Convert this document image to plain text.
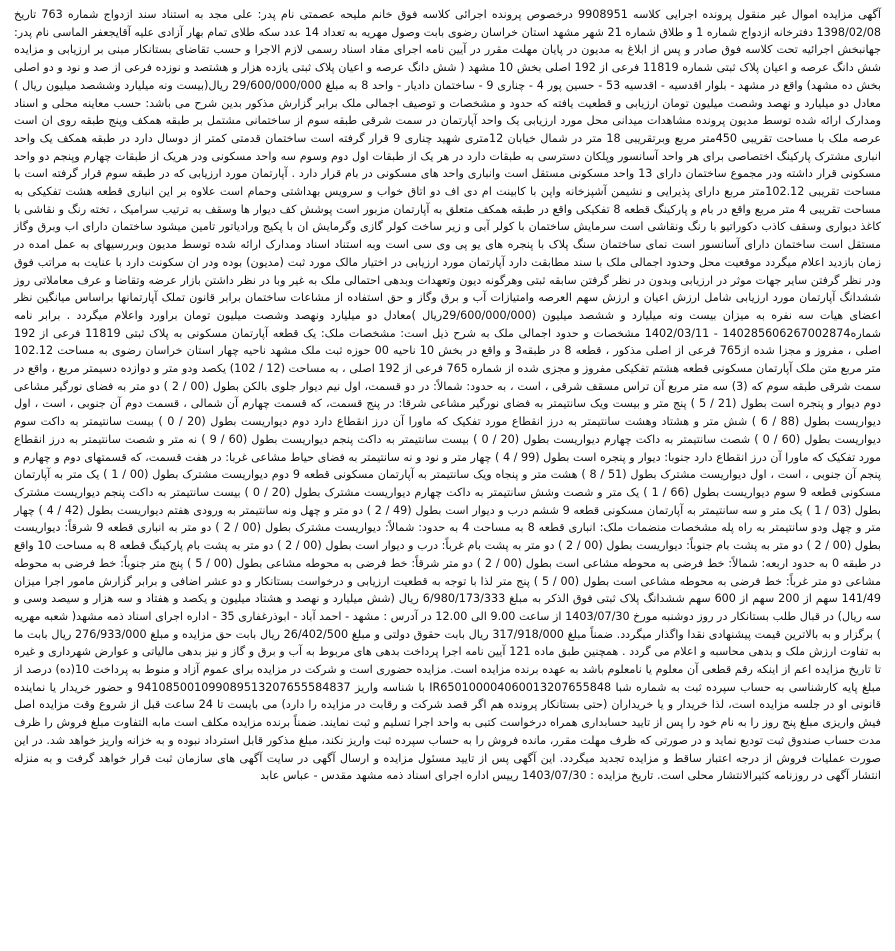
آگهی مزایده اموال غیر منقول پرونده اجرایی کلاسه 9908951 درخصوص پرونده اجرائی کلاسه فوق خانم ملیحه عصمتی نام پدر: علی مجد به استناد سند ازدواج شماره 763 تاریخ 1398/02/08 دفترخانه ازدواج شماره 1 و طلاق شماره 21 شهر مشهد استان خراسان رضوی بابت وصول مهریه به تعداد 14 عدد سکه طلای تمام بهار آزادی علیه آقایجعفر الماسی نام پدر: جهانبخش اجرائیه تحت کلاسه فوق صادر و پس از ابلاغ به مدیون در پایان مهلت مقرر در آیین نامه اجرای مفاد اسناد رسمی لازم الاجرا و حسب تقاضای بستانکار مبنی بر ارزیابی و مزایده شش دانگ عرصه و اعیان پلاک ثبتی شماره 11819 فرعی از 192 اصلی بخش 10 مشهد ( شش دانگ عرصه و اعیان پلاک ثبتی یازده هزار و هشتصد و نوزده فرعی از صد و نود و دو اصلی بخش ده مشهد) واقع در مشهد - بلوار اقدسیه - اقدسیه 53 - حسین پور 4 - چناری 9 - ساختمان دادیار - واحد 8 به مبلغ 29/600/000/000 ریال(بیست ونه میلیارد وششصد میلیون ریال ) معادل دو میلیارد و نهصد وشصت میلیون تومان ارزیابی و قطعیت یافته که حدود و مشخصات و توصیف اجمالی ملک برابر گزارش مذکور بدین شرح می باشد: حسب معاینه محلی و اسناد ومدارک ارائه شده توسط مدیون پرونده مشاهدات میدانی محل مورد ارزیابی یک واحد آپارتمان در سمت شرقی طبقه سوم از ساختمانی مشتمل بر طبقه همکف وپنج طبقه روی ان است عرصه ملک با مساحت تقریبی 450متر مربع وبرتقریبی 18 متر در شمال خیابان 12متری شهید چناری 9 قرار گرفته است ساختمان قدمتی کمتر از دوسال دارد در طبقه همکف یک واحد انباری مشترک پارکینگ اختصاصی برای هر واحد آسانسور وپلکان دسترسی به طبقات دارد در هر یک از طبقات اول دوم وسوم سه واحد مسکونی ودر هریک از طبقات چهارم وپنجم دو واحد مسکونی قرار داشته ودر مجموع ساختمان دارای 13 واحد مسکونی مستقل است وانباری واحد های مسکونی در بام قرار دارد . آپارتمان مورد ارزیابی که در طبقه سوم قرار گرفته است با مساحت تقریبی 102.12متر مربع دارای پذیرایی و نشیمن آشپزخانه واپن با کابینت ام دی اف دو اتاق خواب و سرویس بهداشتی وحمام است علاوه بر این انباری قطعه هشت تفکیکی به مساحت تقریبی 4 متر مربع واقع در بام و پارکینگ قطعه 8 تفکیکی واقع در طبقه همکف متعلق به آپارتمان مزبور است پوشش کف دیوار ها وسقف به ترتیب سرامیک ، تخته رنگ و نقاشی با کاغذ دیواری وسقف کاذب دکوراتیو با رنگ ونقاشی است سرمایش ساختمان با کولر آبی و زیر ساخت کولر گازی وگرمایش ان با پکیج ورادیاتور تامین میشود ساختمان دارای اب وبرق وگاز مستقل است ساختمان دارای آسانسور است نمای ساختمان سنگ پلاک با پنجره های یو پی وی سی است وبه استناد اسناد ومدارک ارائه شده توسط مدیون وبررسیهای به عمل امده در زمان بازدید اعلام میگردد موقعیت محل وحدود اجمالی ملک با سند مطابقت دارد آپارتمان مورد ارزیابی در اختیار مالک مورد ثبت (مدیون) بوده ودر ان سکونت دارد با عنایت به مراتب فوق ودر نظر گرفتن سایر جهات موثر در ارزیابی وبدون در نظر گرفتن سابقه ثبتی وهرگونه دیون وتعهدات وبدهی احتمالی ملک به غیر وبا در نظر داشتن بازار عرضه وتقاضا و عرف معاملاتی روز ششدانگ آپارتمان مورد ارزیابی شامل ارزش اعیان و ارزش سهم العرصه وامتیازات آب و برق وگاز و حق استفاده از مشاعات ساختمان برابر قانون تملک آپارتمانها براساس میانگین نظر اعضای هیات سه نفره به میزان بیست ونه میلیارد و ششصد میلیون (29/600/000/000ریال )معادل دو میلیارد ونهصد وشصت میلیون تومان براورد واعلام میگردد . برابر نامه شماره140285606267002874 - 1402/03/11 مشخصات و حدود اجمالی ملک به شرح ذیل است: مشخصات ملک: یک قطعه آپارتمان مسکونی به پلاک ثبتی 11819 فرعی از 192 اصلی ، مفروز و مجزا شده از765 فرعی از اصلی مذکور ، قطعه 8 در طبقه3 و واقع در بخش 10 ناحیه 00 حوزه ثبت ملک مشهد ناحیه چهار استان خراسان رضوی به مساحت 102.12 متر مربع متن ملک آپارتمان مسکونی قطعه هشتم تفکیکی مفروز و مجزی شده از شماره 765 فرعی از 192 اصلی ، به مساحت (12 / 102) یکصد ودو متر و دوازده دسیمتر مربع ، واقع در سمت شرقی طبقه سوم که (3) سه متر مربع آن تراس مسقف شرقی ، است ، به حدود: شمالاً: در دو قسمت، اول نیم دیوار جلوی بالکن بطول (00 / 2 ) دو متر به فضای نورگیر مشاعی دوم دیوار و پنجره است بطول (21 / 5 ) پنج متر و بیست ویک سانتیمتر به فضای نورگیر مشاعی شرقا: در پنج قسمت، که قسمت چهارم آن شمالی ، قسمت دوم آن جنوبی ، است ، اول دیواریست بطول (88 / 6 ) شش متر و هشتاد وهشت سانتیمتر به درز انقطاع مورد تفکیک که ماورا آن درز انقطاع دارد دوم دیواریست بطول (20 / 0 ) بیست سانتیمتر به داکت سوم دیواریست بطول (60 / 0 ) شصت سانتیمتر به داکت چهارم دیواریست بطول (20 / 0 ) بیست سانتیمتر به داکت پنجم دیواریست بطول (60 / 9 ) نه متر و شصت سانتیمتر به درز انقطاع مورد تفکیک که ماورا آن درز انقطاع دارد جنوبا: دیوار و پنجره است بطول (99 / 4 ) چهار متر و نود و نه سانتیمتر به فضای حیاط مشاعی غربا: در هفت قسمت، که قسمتهای دوم و چهارم و پنجم آن جنوبی ، است ، اول دیواریست مشترک بطول (51 / 8 ) هشت متر و پنجاه ویک سانتیمتر به آپارتمان مسکونی قطعه 9 دوم دیواریست مشترک بطول (00 / 1 ) یک متر به آپارتمان مسکونی قطعه 9 سوم دیواریست بطول (66 / 1 ) یک متر و شصت وشش سانتیمتر به داکت چهارم دیواریست مشترک بطول (20 / 0 ) بیست سانتیمتر به داکت پنجم دیواریست مشترک بطول (03 / 1 ) یک متر و سه سانتیمتر به آپارتمان مسکونی قطعه 9 ششم درب و دیوار است بطول (49 / 2 ) دو متر و چهل ونه سانتیمتر به ورودی هفتم دیواریست بطول (42 / 4 ) چهار متر و چهل ودو سانتیمتر به راه پله مشخصات منضمات ملک: انباری قطعه 8 به مساحت 4 به حدود: شمالاً: دیواریست مشترک بطول (00 / 2 ) دو متر به انباری قطعه 9 شرقاً: دیواریست بطول (00 / 2 ) دو متر به پشت بام جنوباً: دیواریست بطول (00 / 2 ) دو متر به پشت بام غرباً: درب و دیوار است بطول (00 / 2 ) دو متر به پشت بام پارکینگ قطعه 8 به مساحت 10 واقع در طبقه 0 به حدود اربعه: شمالاً: خط فرضی به محوطه مشاعی است بطول (00 / 2 ) دو متر شرقاً: خط فرضی به محوطه مشاعی بطول (00 / 5 ) پنج متر جنوباً: خط فرضی به محوطه مشاعی دو متر غرباً: خط فرضی به محوطه مشاعی است بطول (00 / 5 ) پنج متر لذا با توجه به قطعیت ارزیابی و درخواست بستانکار و دو عشر اضافی و برابر گزارش مامور اجرا میزان 141/49 سهم از 200 سهم از 600 سهم ششدانگ پلاک ثبتی فوق الذکر به مبلغ 6/980/173/333 ریال (شش میلیارد و نهصد و هشتاد میلیون و یکصد و هفتاد و سه هزار و سیصد وسی و سه ریال) در قبال طلب بستانکار در روز دوشنبه مورخ 1403/07/30 از ساعت 9.00 الی 12.00 در آدرس : مشهد - احمد آباد - ابوذرغفاری 35 - اداره اجرای اسناد ذمه مشهد( شعبه مهریه ) برگزار و به بالاترین قیمت پیشنهادی نقدا واگذار میگردد. ضمناً مبلغ 317/918/000 ریال بابت حقوق دولتی و مبلغ 26/402/500 ریال بابت حق مزایده و مبلغ 276/933/000 ریال بابت ما به تفاوت ارزش ملک و بدهی محاسبه و اعلام می گردد . همچنین طبق ماده 121 آیین نامه اجرا پرداخت بدهی های مربوط به آب و برق و گاز و نیز بدهی مالیاتی و عوارض شهرداری و غیره تا تاریخ مزایده اعم از اینکه رقم قطعی آن معلوم یا نامعلوم باشد به عهده برنده مزایده است. مزایده حضوری است و شرکت در مزایده برای عموم آزاد و منوط به پرداخت 10(ده) درصد از مبلغ پایه کارشناسی به حساب سپرده ثبت به شماره شبا IR650100004060013207655848 با شناسه واریز 941085001099089513207655584837 و حضور خریدار یا نماینده قانونی او در جلسه مزایده است، لذا خریدار و یا خریداران (حتی بستانکار پرونده هم اگر قصد شرکت و رقابت در مزایده را دارد) می بایست تا 24 ساعت قبل از شروع وقت مزایده اصل فیش واریزی مبلغ پنج روز را به نام خود را پس از تایید حسابداری همراه درخواست کتبی به واحد اجرا تسلیم و ثبت نمایند. ضمناً برنده مزایده مکلف است مابه التفاوت مبلغ فروش را ظرف مدت حساب صندوق ثبت تودیع نماید و در صورتی که ظرف مهلت مقرر، مانده فروش را به حساب سپرده ثبت واریز نکند، مبلغ مذکور قابل استرداد نبوده و به خزانه واریز خواهد شد. در این صورت عملیات فروش از درجه اعتبار ساقط و مزایده تجدید میگردد. این آگهی پس از تایید مسئول مزایده و ارسال آگهی در سایت آگهی های سازمان ثبت قرار خواهد گرفت و به منزله انتشار آگهی در روزنامه کثیرالانتشار محلی است. تاریخ مزایده : 1403/07/30 رییس اداره اجرای اسناد ذمه مشهد مقدس - عباس عابد
